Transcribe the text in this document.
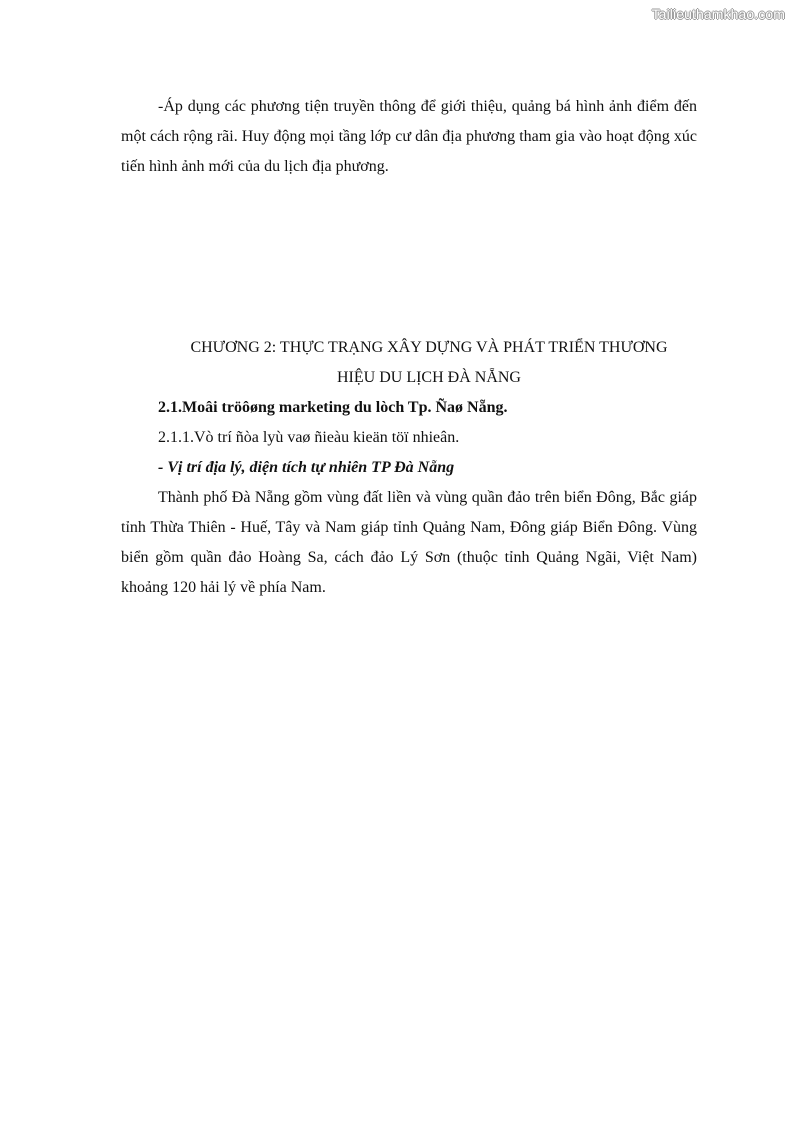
Tailieuthamkhao.com

-Áp dụng các phương tiện truyền thông để giới thiệu, quảng bá hình ảnh điểm đến một cách rộng rãi. Huy động mọi tầng lớp cư dân địa phương tham gia vào hoạt động xúc tiến hình ảnh mới của du lịch địa phương.

CHƯƠNG 2: THỰC TRẠNG XÂY DỰNG VÀ PHÁT TRIỂN THƯƠNG

HIỆU DU LỊCH ĐÀ NẴNG

2.1.Moâi tröôøng marketing du lòch Tp. Ñaø Nẵng.

2.1.1.Vò trí ñòa lyù vaø ñieàu kieän töï nhieân.

- Vị trí địa lý, diện tích tự nhiên TP Đà Nẵng

Thành phố Đà Nẵng gồm vùng đất liền và vùng quần đảo trên biển Đông, Bắc giáp tỉnh Thừa Thiên - Huế, Tây và Nam giáp tỉnh Quảng Nam, Đông giáp Biển Đông. Vùng biển gồm quần đảo Hoàng Sa, cách đảo Lý Sơn (thuộc tỉnh Quảng Ngãi, Việt Nam) khoảng 120 hải lý về phía Nam.
